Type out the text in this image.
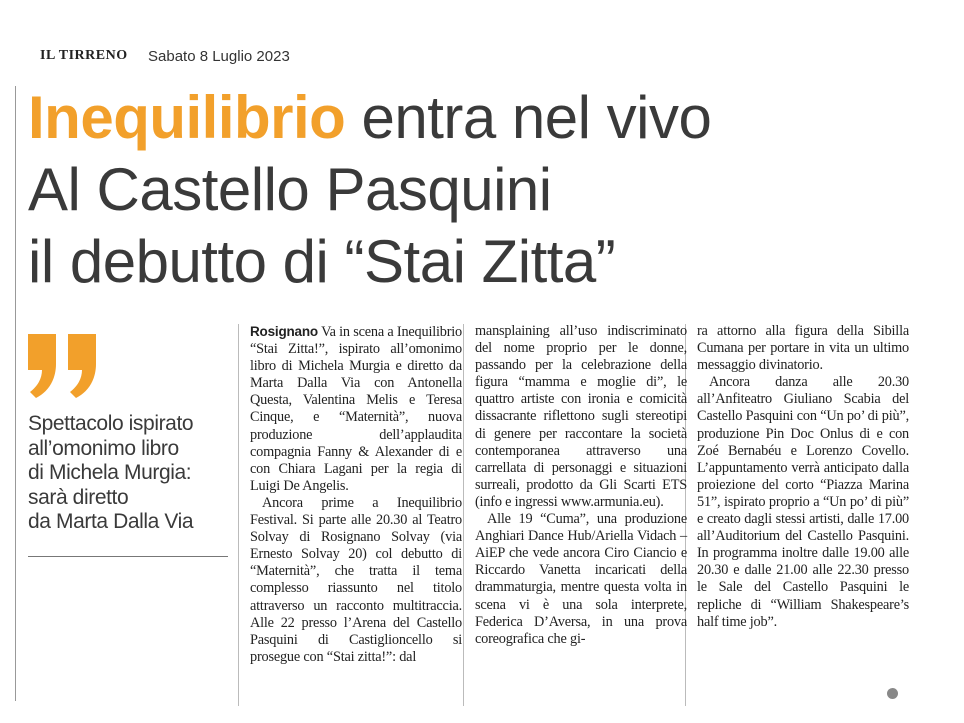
IL TIRRENO Sabato 8 Luglio 2023
Inequilibrio entra nel vivo
Al Castello Pasquini
il debutto di “Stai Zitta”
Spettacolo ispirato
all’omonimo libro
di Michela Murgia:
sarà diretto
da Marta Dalla Via

Rosignano Va in scena a Inequilibrio “Stai Zitta!”, ispirato all’omonimo libro di Michela Murgia e diretto da Marta Dalla Via con Antonella Questa, Valentina Melis e Teresa Cinque, e “Maternità”, nuova produzione dell’applaudita compagnia Fanny & Alexander di e con Chiara Lagani per la regia di Luigi De Angelis.

Ancora prime a Inequilibrio Festival. Si parte alle 20.30 al Teatro Solvay di Rosignano Solvay (via Ernesto Solvay 20) col debutto di “Maternità”, che tratta il tema complesso riassunto nel titolo attraverso un racconto multitraccia. Alle 22 presso l’Arena del Castello Pasquini di Castiglioncello si prosegue con “Stai zitta!”: dal

mansplaining all’uso indiscriminato del nome proprio per le donne, passando per la celebrazione della figura “mamma e moglie di”, le quattro artiste con ironia e comicità dissacrante riflettono sugli stereotipi di genere per raccontare la società contemporanea attraverso una carrellata di personaggi e situazioni surreali, prodotto da Gli Scarti ETS (info e ingressi www.armunia.eu).

Alle 19 “Cuma”, una produzione Anghiari Dance Hub/Ariella Vidach – AiEP che vede ancora Ciro Ciancio e Riccardo Vanetta incaricati della drammaturgia, mentre questa volta in scena vi è una sola interprete, Federica D’Aversa, in una prova coreografica che gi-

ra attorno alla figura della Sibilla Cumana per portare in vita un ultimo messaggio divinatorio.

Ancora danza alle 20.30 all’Anfiteatro Giuliano Scabia del Castello Pasquini con “Un po’ di più”, produzione Pin Doc Onlus di e con Zoé Bernabéu e Lorenzo Covello. L’appuntamento verrà anticipato dalla proiezione del corto “Piazza Marina 51”, ispirato proprio a “Un po’ di più” e creato dagli stessi artisti, dalle 17.00 all’Auditorium del Castello Pasquini. In programma inoltre dalle 19.00 alle 20.30 e dalle 21.00 alle 22.30 presso le Sale del Castello Pasquini le repliche di “William Shakespeare’s half time job”.
